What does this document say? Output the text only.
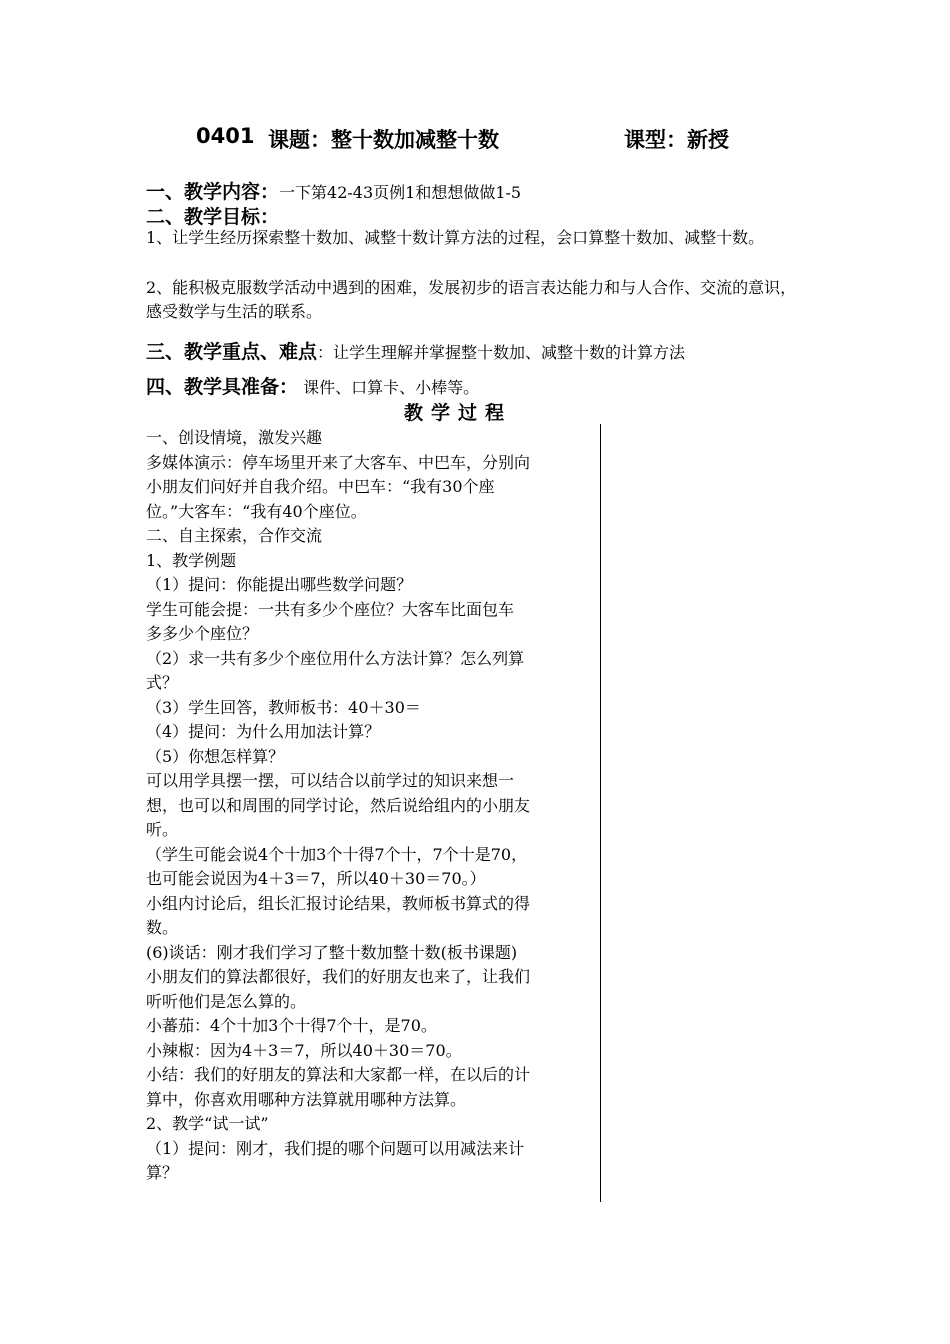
0401 课题：整十数加减整十数	课型：新授
一、教学内容：一下第42-43页例1和想想做做1-5
二、教学目标：
1、让学生经历探索整十数加、减整十数计算方法的过程，会口算整十数加、减整十数。
2、能积极克服数学活动中遇到的困难，发展初步的语言表达能力和与人合作、交流的意识，感受数学与生活的联系。
三、教学重点、难点：让学生理解并掌握整十数加、减整十数的计算方法
四、教学具准备： 课件、口算卡、小棒等。
教学过程
一、创设情境，激发兴趣
多媒体演示：停车场里开来了大客车、中巴车，分别向
小朋友们问好并自我介绍。中巴车：“我有30个座
位。”大客车：“我有40个座位。
二、自主探索，合作交流
1、教学例题
（1）提问：你能提出哪些数学问题？
学生可能会提：一共有多少个座位？大客车比面包车
多多少个座位？
（2）求一共有多少个座位用什么方法计算？怎么列算
式？
（3）学生回答，教师板书：40＋30＝
（4）提问：为什么用加法计算？
（5）你想怎样算？
可以用学具摆一摆，可以结合以前学过的知识来想一
想，也可以和周围的同学讨论，然后说给组内的小朋友
听。
（学生可能会说4个十加3个十得7个十，7个十是70，
也可能会说因为4＋3＝7，所以40＋30＝70。）
小组内讨论后，组长汇报讨论结果，教师板书算式的得
数。
(6)谈话：刚才我们学习了整十数加整十数(板书课题)
小朋友们的算法都很好，我们的好朋友也来了，让我们
听听他们是怎么算的。
小蕃茄：4个十加3个十得7个十，是70。
小辣椒：因为4＋3＝7，所以40＋30＝70。
小结：我们的好朋友的算法和大家都一样，在以后的计
算中，你喜欢用哪种方法算就用哪种方法算。
2、教学“试一试”
（1）提问：刚才，我们提的哪个问题可以用减法来计
算？
